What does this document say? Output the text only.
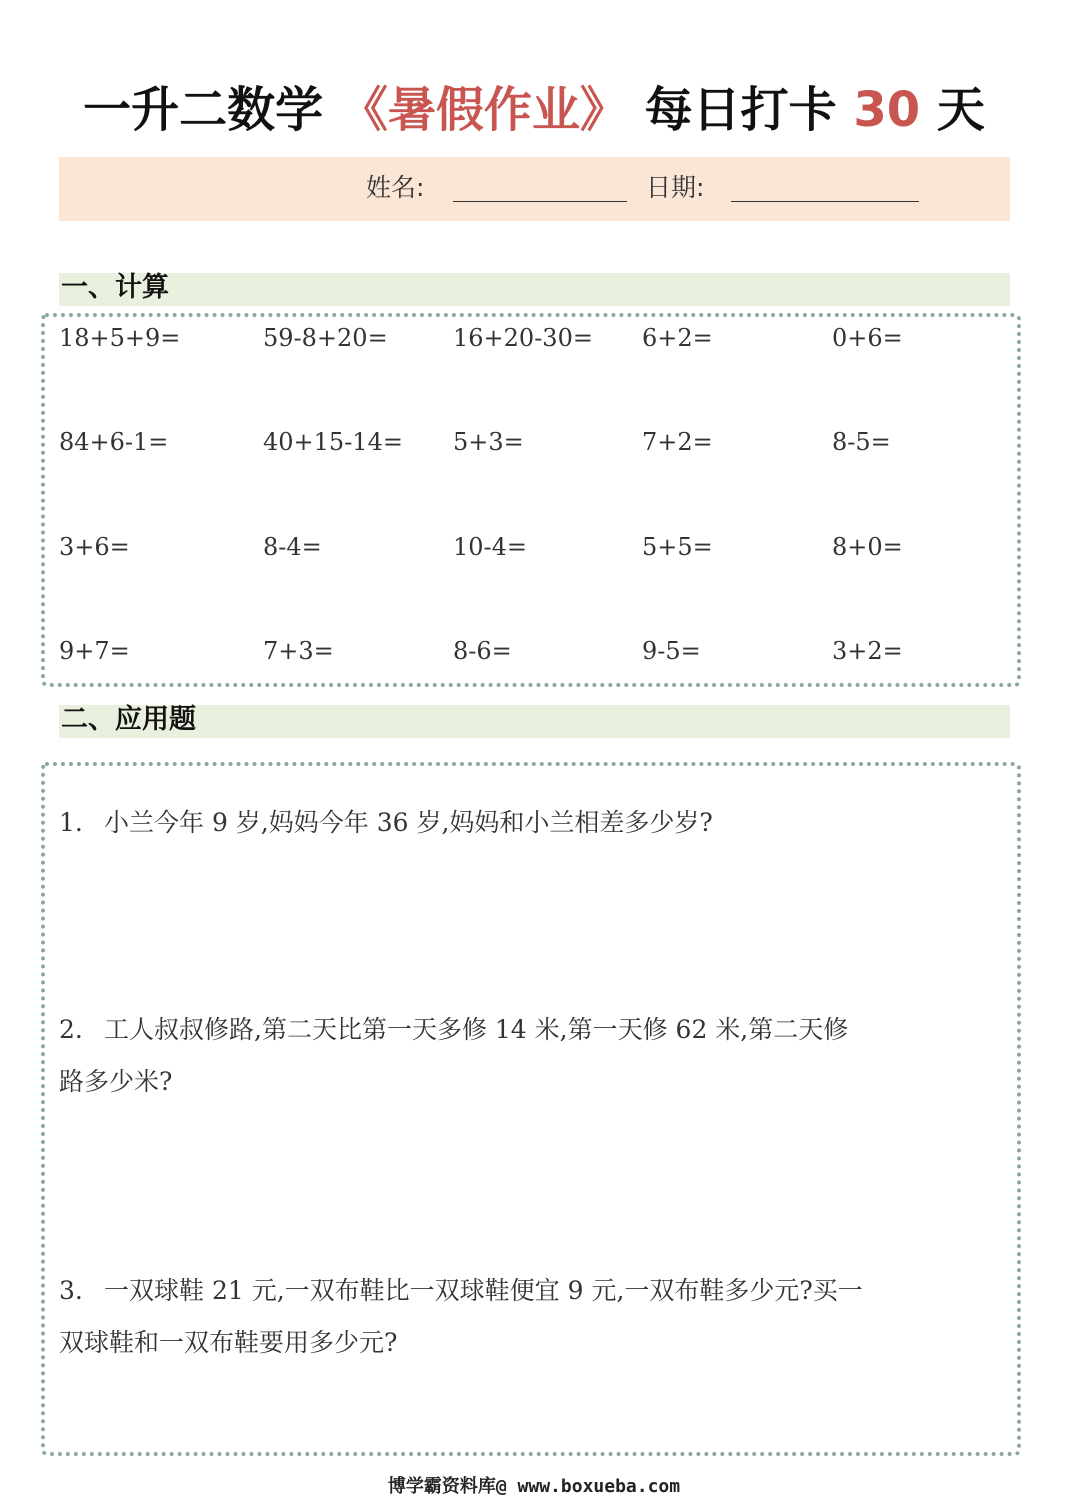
一升二数学 《暑假作业》 每日打卡 30 天
姓名:	日期:
一、计算
18+5+9=	59-8+20=	16+20-30= 6+2=	0+6=
84+6-1=	40+15-14= 5+3=	7+2=	8-5=
3+6=	8-4=	10-4=	5+5=	8+0=
9+7=	7+3=	8-6=	9-5=	3+2=
二、应用题
1. 小兰今年 9 岁,妈妈今年 36 岁,妈妈和小兰相差多少岁?
2. 工人叔叔修路,第二天比第一天多修 14 米,第一天修 62 米,第二天修
路多少米?
3. 一双球鞋 21 元,一双布鞋比一双球鞋便宜 9 元,一双布鞋多少元?买一
双球鞋和一双布鞋要用多少元?
博学霸资料库@ www.boxueba.com
